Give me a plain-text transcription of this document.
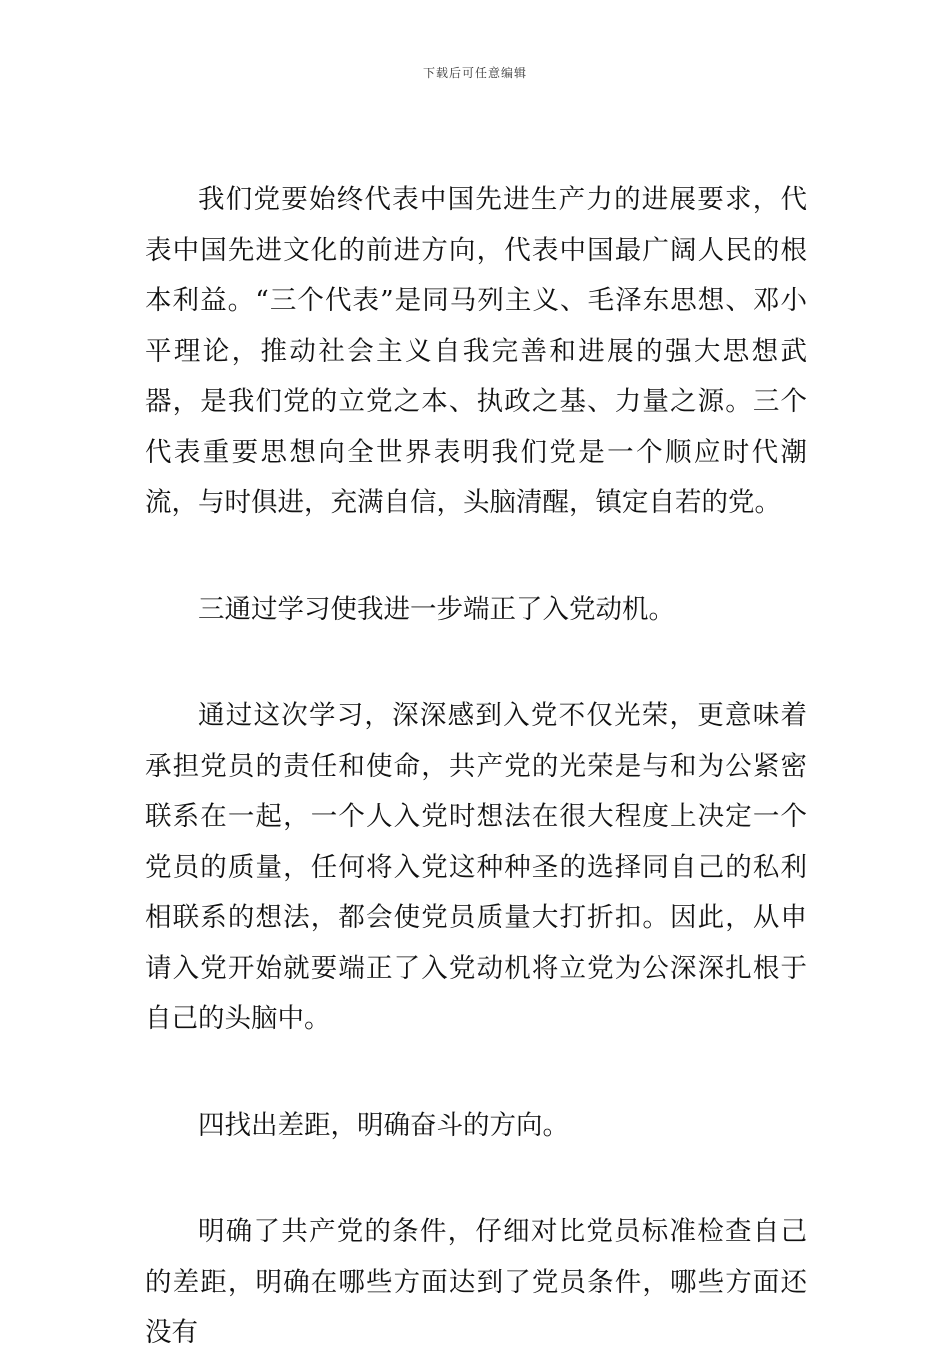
下载后可任意编辑

我们党要始终代表中国先进生产力的进展要求，代表中国先进文化的前进方向，代表中国最广阔人民的根本利益。“三个代表”是同马列主义、毛泽东思想、邓小平理论，推动社会主义自我完善和进展的强大思想武器，是我们党的立党之本、执政之基、力量之源。三个代表重要思想向全世界表明我们党是一个顺应时代潮流，与时俱进，充满自信，头脑清醒，镇定自若的党。

三通过学习使我进一步端正了入党动机。

通过这次学习，深深感到入党不仅光荣，更意味着承担党员的责任和使命，共产党的光荣是与和为公紧密联系在一起，一个人入党时想法在很大程度上决定一个党员的质量，任何将入党这种种圣的选择同自己的私利相联系的想法，都会使党员质量大打折扣。因此，从申请入党开始就要端正了入党动机将立党为公深深扎根于自己的头脑中。

四找出差距，明确奋斗的方向。

明确了共产党的条件，仔细对比党员标准检查自己的差距，明确在哪些方面达到了党员条件，哪些方面还没有
